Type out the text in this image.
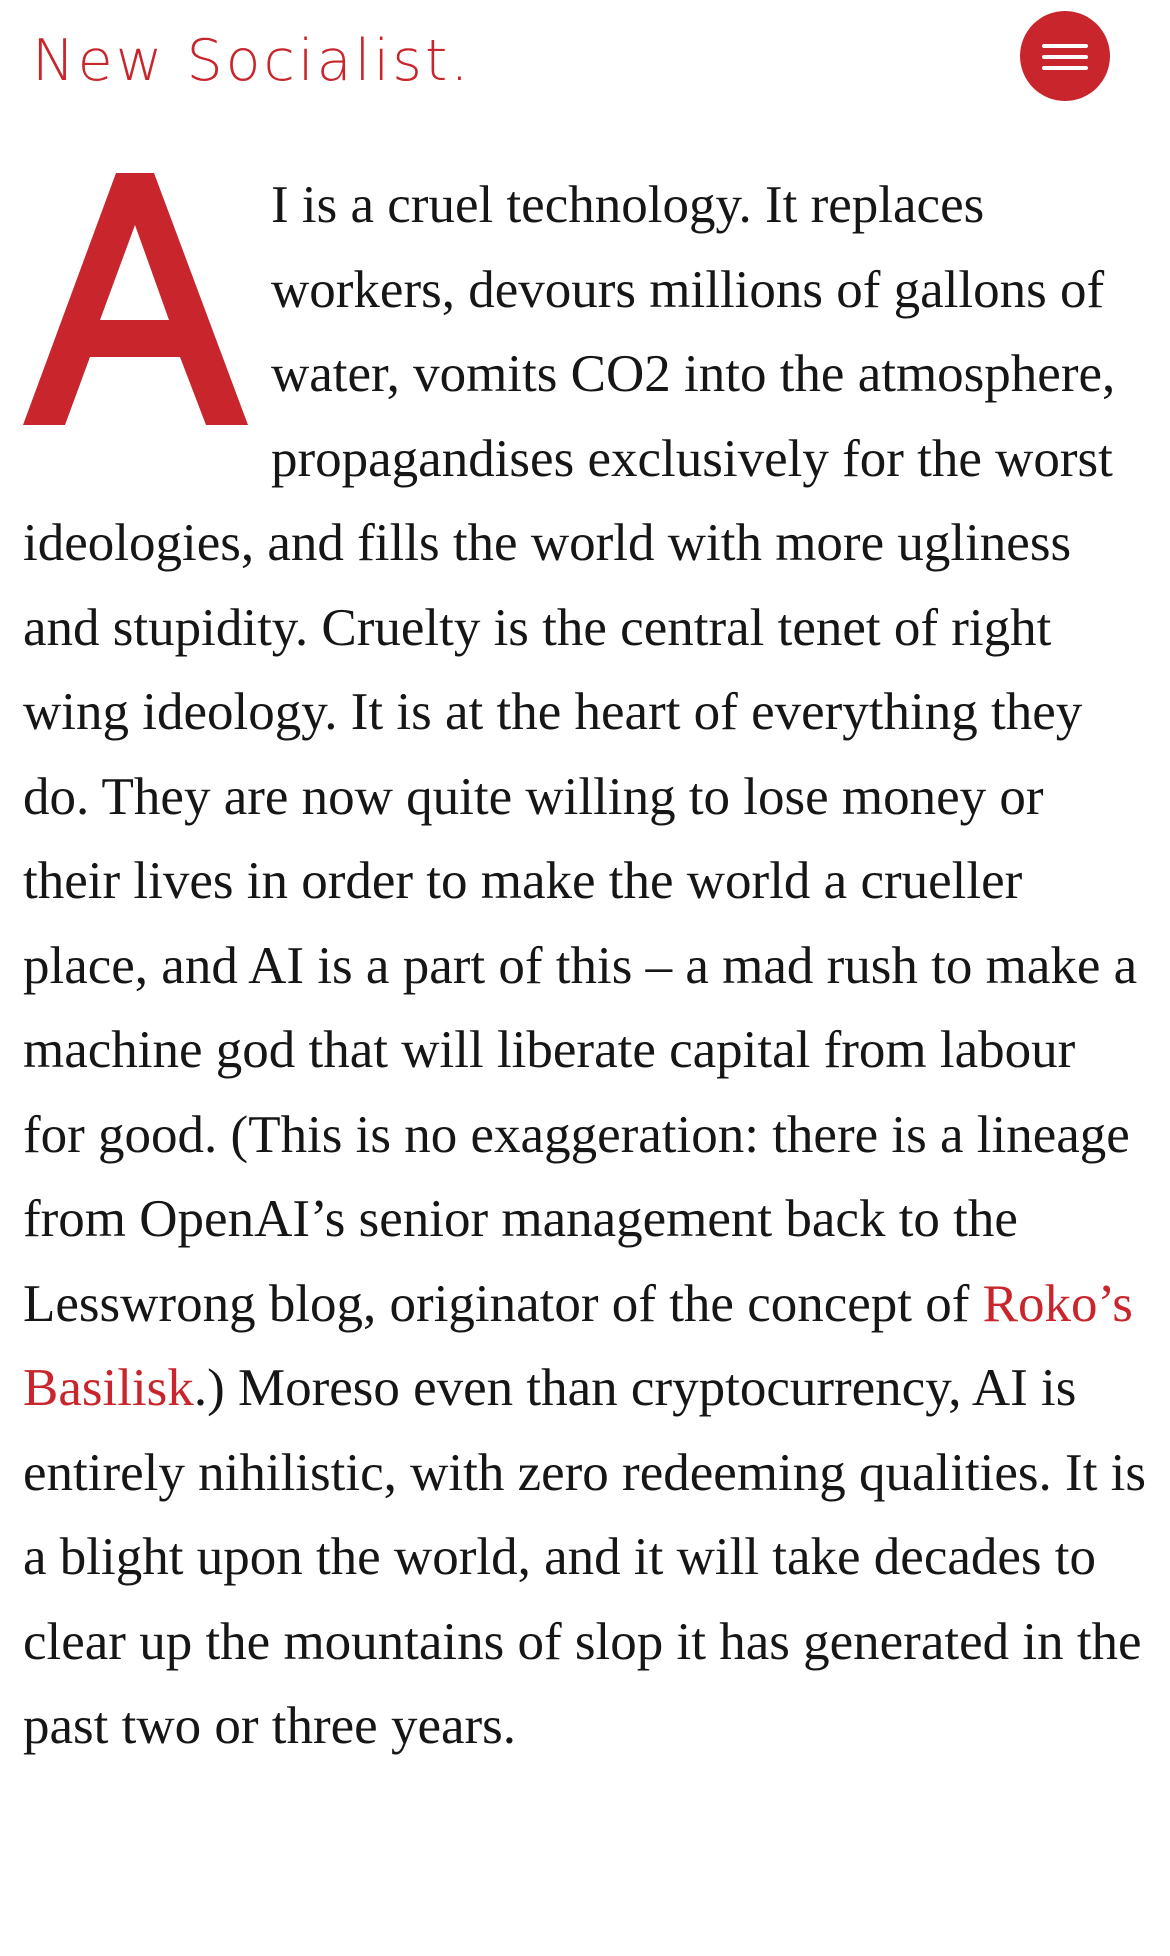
New Socialist.

I is a cruel technology. It replaces workers, devours millions of gallons of water, vomits CO2 into the atmosphere, propagandises exclusively for the worst ideologies, and fills the world with more ugliness and stupidity. Cruelty is the central tenet of right wing ideology. It is at the heart of everything they do. They are now quite willing to lose money or their lives in order to make the world a crueller place, and AI is a part of this – a mad rush to make a machine god that will liberate capital from labour for good. (This is no exaggeration: there is a lineage from OpenAI’s senior management back to the Lesswrong blog, originator of the concept of Roko’s Basilisk.) Moreso even than cryptocurrency, AI is entirely nihilistic, with zero redeeming qualities. It is a blight upon the world, and it will take decades to clear up the mountains of slop it has generated in the past two or three years.
